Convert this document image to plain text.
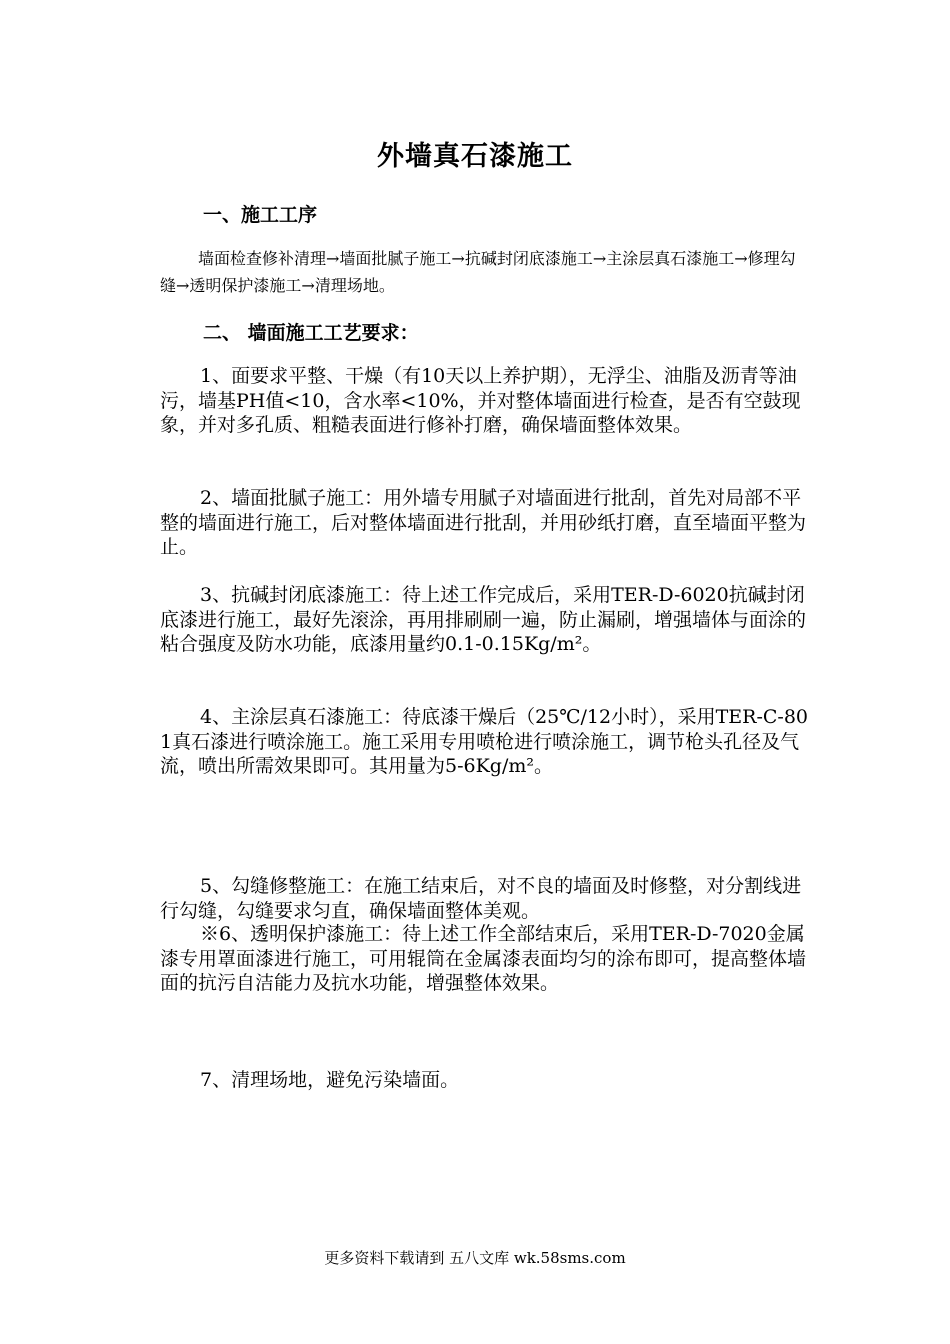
外墙真石漆施工
一、施工工序
墙面检查修补清理→墙面批腻子施工→抗碱封闭底漆施工→主涂层真石漆施工→修理勾缝→透明保护漆施工→清理场地。
二、 墙面施工工艺要求：
1、面要求平整、干燥（有10天以上养护期），无浮尘、油脂及沥青等油污，墙基PH值<10，含水率<10%，并对整体墙面进行检查，是否有空鼓现象，并对多孔质、粗糙表面进行修补打磨，确保墙面整体效果。
2、墙面批腻子施工：用外墙专用腻子对墙面进行批刮，首先对局部不平整的墙面进行施工，后对整体墙面进行批刮，并用砂纸打磨，直至墙面平整为止。
3、抗碱封闭底漆施工：待上述工作完成后，采用TER-D-6020抗碱封闭底漆进行施工，最好先滚涂，再用排刷刷一遍，防止漏刷，增强墙体与面涂的粘合强度及防水功能，底漆用量约0.1-0.15Kg/m²。
4、主涂层真石漆施工：待底漆干燥后（25℃/12小时），采用TER-C-801真石漆进行喷涂施工。施工采用专用喷枪进行喷涂施工，调节枪头孔径及气流，喷出所需效果即可。其用量为5-6Kg/m²。
5、勾缝修整施工：在施工结束后，对不良的墙面及时修整，对分割线进行勾缝，勾缝要求匀直，确保墙面整体美观。
※6、透明保护漆施工：待上述工作全部结束后，采用TER-D-7020金属漆专用罩面漆进行施工，可用辊筒在金属漆表面均匀的涂布即可，提高整体墙面的抗污自洁能力及抗水功能，增强整体效果。
7、清理场地，避免污染墙面。
更多资料下载请到 五八文库 wk.58sms.com
